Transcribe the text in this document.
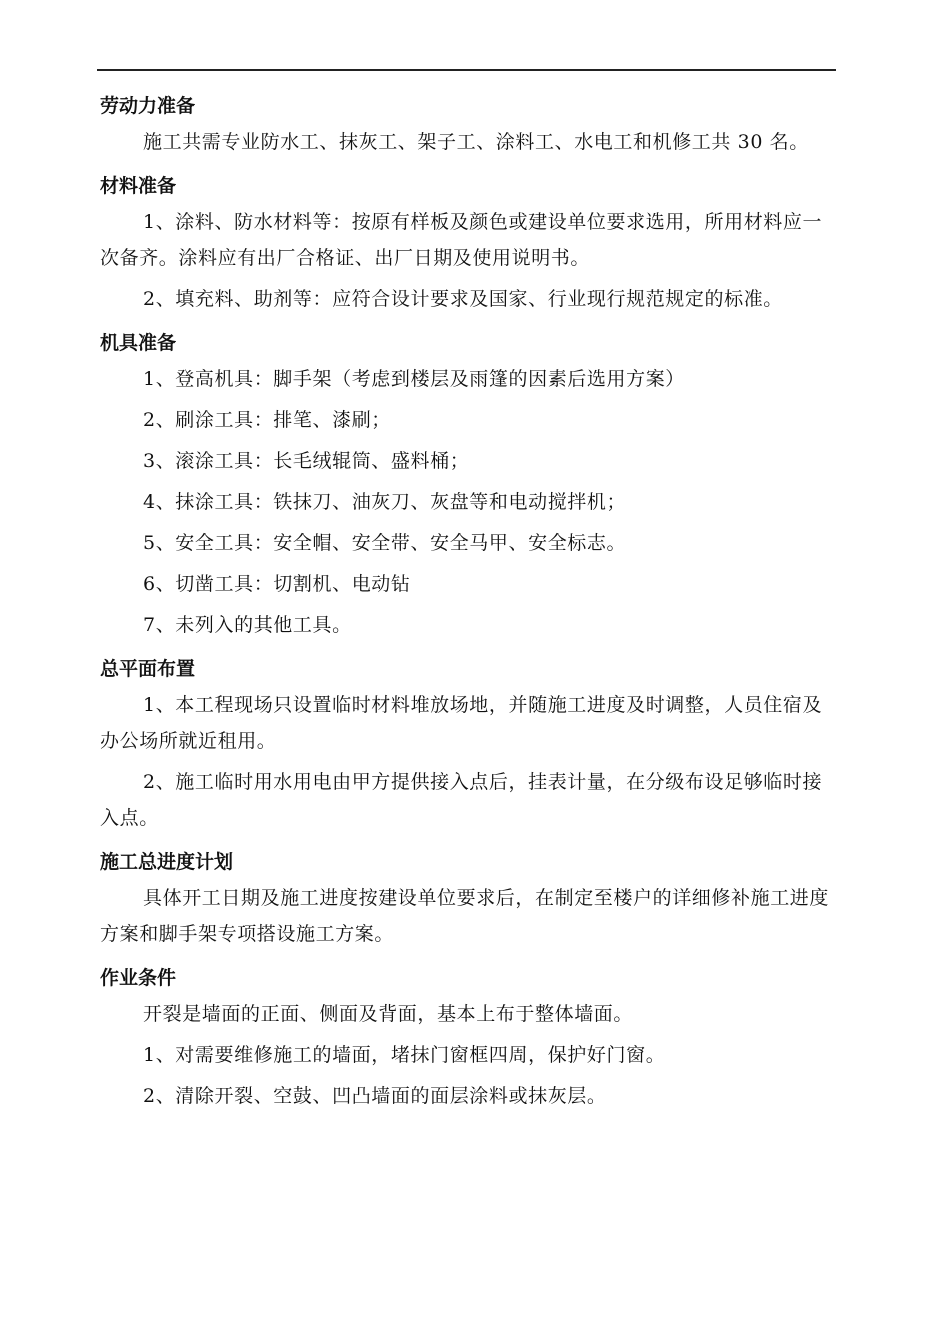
劳动力准备

施工共需专业防水工、抹灰工、架子工、涂料工、水电工和机修工共 30 名。

材料准备

1、涂料、防水材料等：按原有样板及颜色或建设单位要求选用，所用材料应一次备齐。涂料应有出厂合格证、出厂日期及使用说明书。

2、填充料、助剂等：应符合设计要求及国家、行业现行规范规定的标准。

机具准备

1、登高机具：脚手架（考虑到楼层及雨篷的因素后选用方案）

2、刷涂工具：排笔、漆刷；

3、滚涂工具：长毛绒辊筒、盛料桶；

4、抹涂工具：铁抹刀、油灰刀、灰盘等和电动搅拌机；

5、安全工具：安全帽、安全带、安全马甲、安全标志。

6、切凿工具：切割机、电动钻

7、未列入的其他工具。

总平面布置

1、本工程现场只设置临时材料堆放场地，并随施工进度及时调整，人员住宿及办公场所就近租用。

2、施工临时用水用电由甲方提供接入点后，挂表计量，在分级布设足够临时接入点。

施工总进度计划

具体开工日期及施工进度按建设单位要求后，在制定至楼户的详细修补施工进度方案和脚手架专项搭设施工方案。

作业条件

开裂是墙面的正面、侧面及背面，基本上布于整体墙面。

1、对需要维修施工的墙面，堵抹门窗框四周，保护好门窗。

2、清除开裂、空鼓、凹凸墙面的面层涂料或抹灰层。
